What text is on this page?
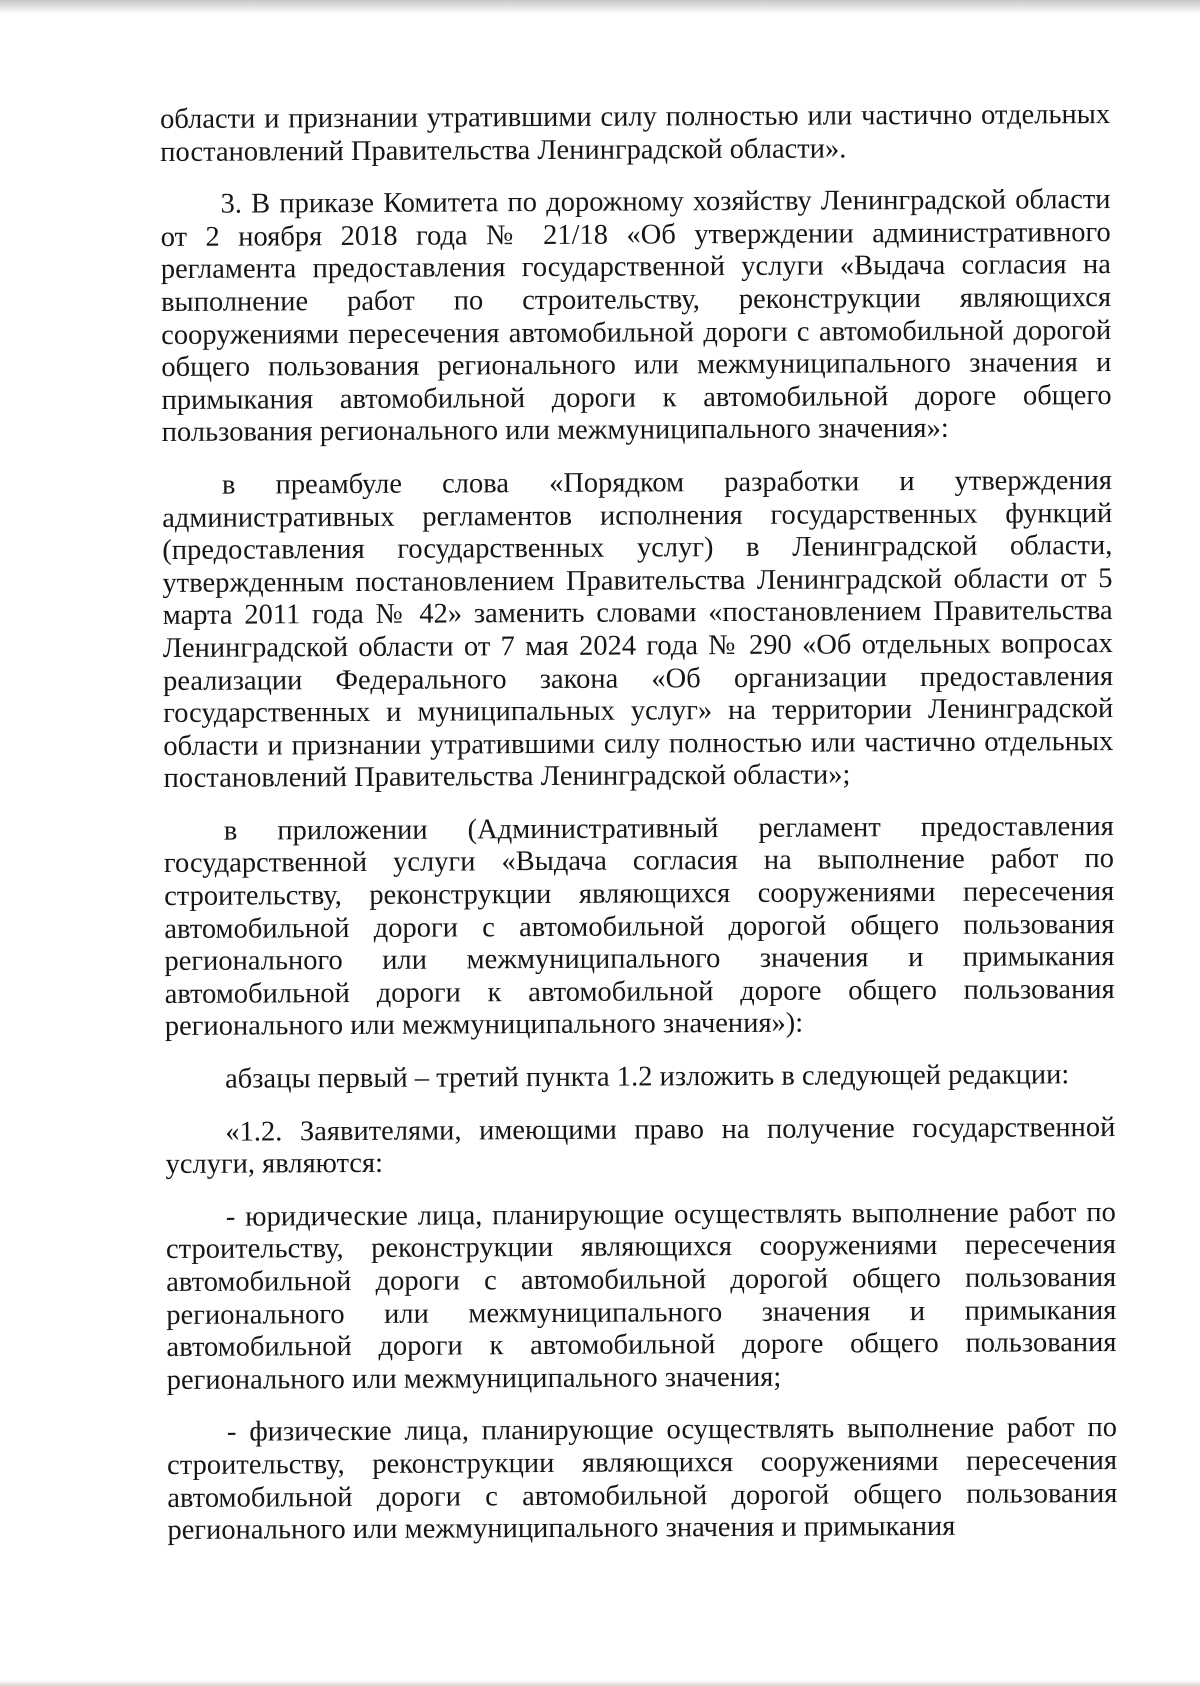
области и признании утратившими силу полностью или частично отдельных постановлений Правительства Ленинградской области».

3. В приказе Комитета по дорожному хозяйству Ленинградской области от 2 ноября 2018 года № 21/18 «Об утверждении административного регламента предоставления государственной услуги «Выдача согласия на выполнение работ по строительству, реконструкции являющихся сооружениями пересечения автомобильной дороги с автомобильной дорогой общего пользования регионального или межмуниципального значения и примыкания автомобильной дороги к автомобильной дороге общего пользования регионального или межмуниципального значения»:

в преамбуле слова «Порядком разработки и утверждения административных регламентов исполнения государственных функций (предоставления государственных услуг) в Ленинградской области, утвержденным постановлением Правительства Ленинградской области от 5 марта 2011 года № 42» заменить словами «постановлением Правительства Ленинградской области от 7 мая 2024 года № 290 «Об отдельных вопросах реализации Федерального закона «Об организации предоставления государственных и муниципальных услуг» на территории Ленинградской области и признании утратившими силу полностью или частично отдельных постановлений Правительства Ленинградской области»;

в приложении (Административный регламент предоставления государственной услуги «Выдача согласия на выполнение работ по строительству, реконструкции являющихся сооружениями пересечения автомобильной дороги с автомобильной дорогой общего пользования регионального или межмуниципального значения и примыкания автомобильной дороги к автомобильной дороге общего пользования регионального или межмуниципального значения»):

абзацы первый – третий пункта 1.2 изложить в следующей редакции:

«1.2. Заявителями, имеющими право на получение государственной услуги, являются:

- юридические лица, планирующие осуществлять выполнение работ по строительству, реконструкции являющихся сооружениями пересечения автомобильной дороги с автомобильной дорогой общего пользования регионального или межмуниципального значения и примыкания автомобильной дороги к автомобильной дороге общего пользования регионального или межмуниципального значения;

- физические лица, планирующие осуществлять выполнение работ по строительству, реконструкции являющихся сооружениями пересечения автомобильной дороги с автомобильной дорогой общего пользования регионального или межмуниципального значения и примыкания
